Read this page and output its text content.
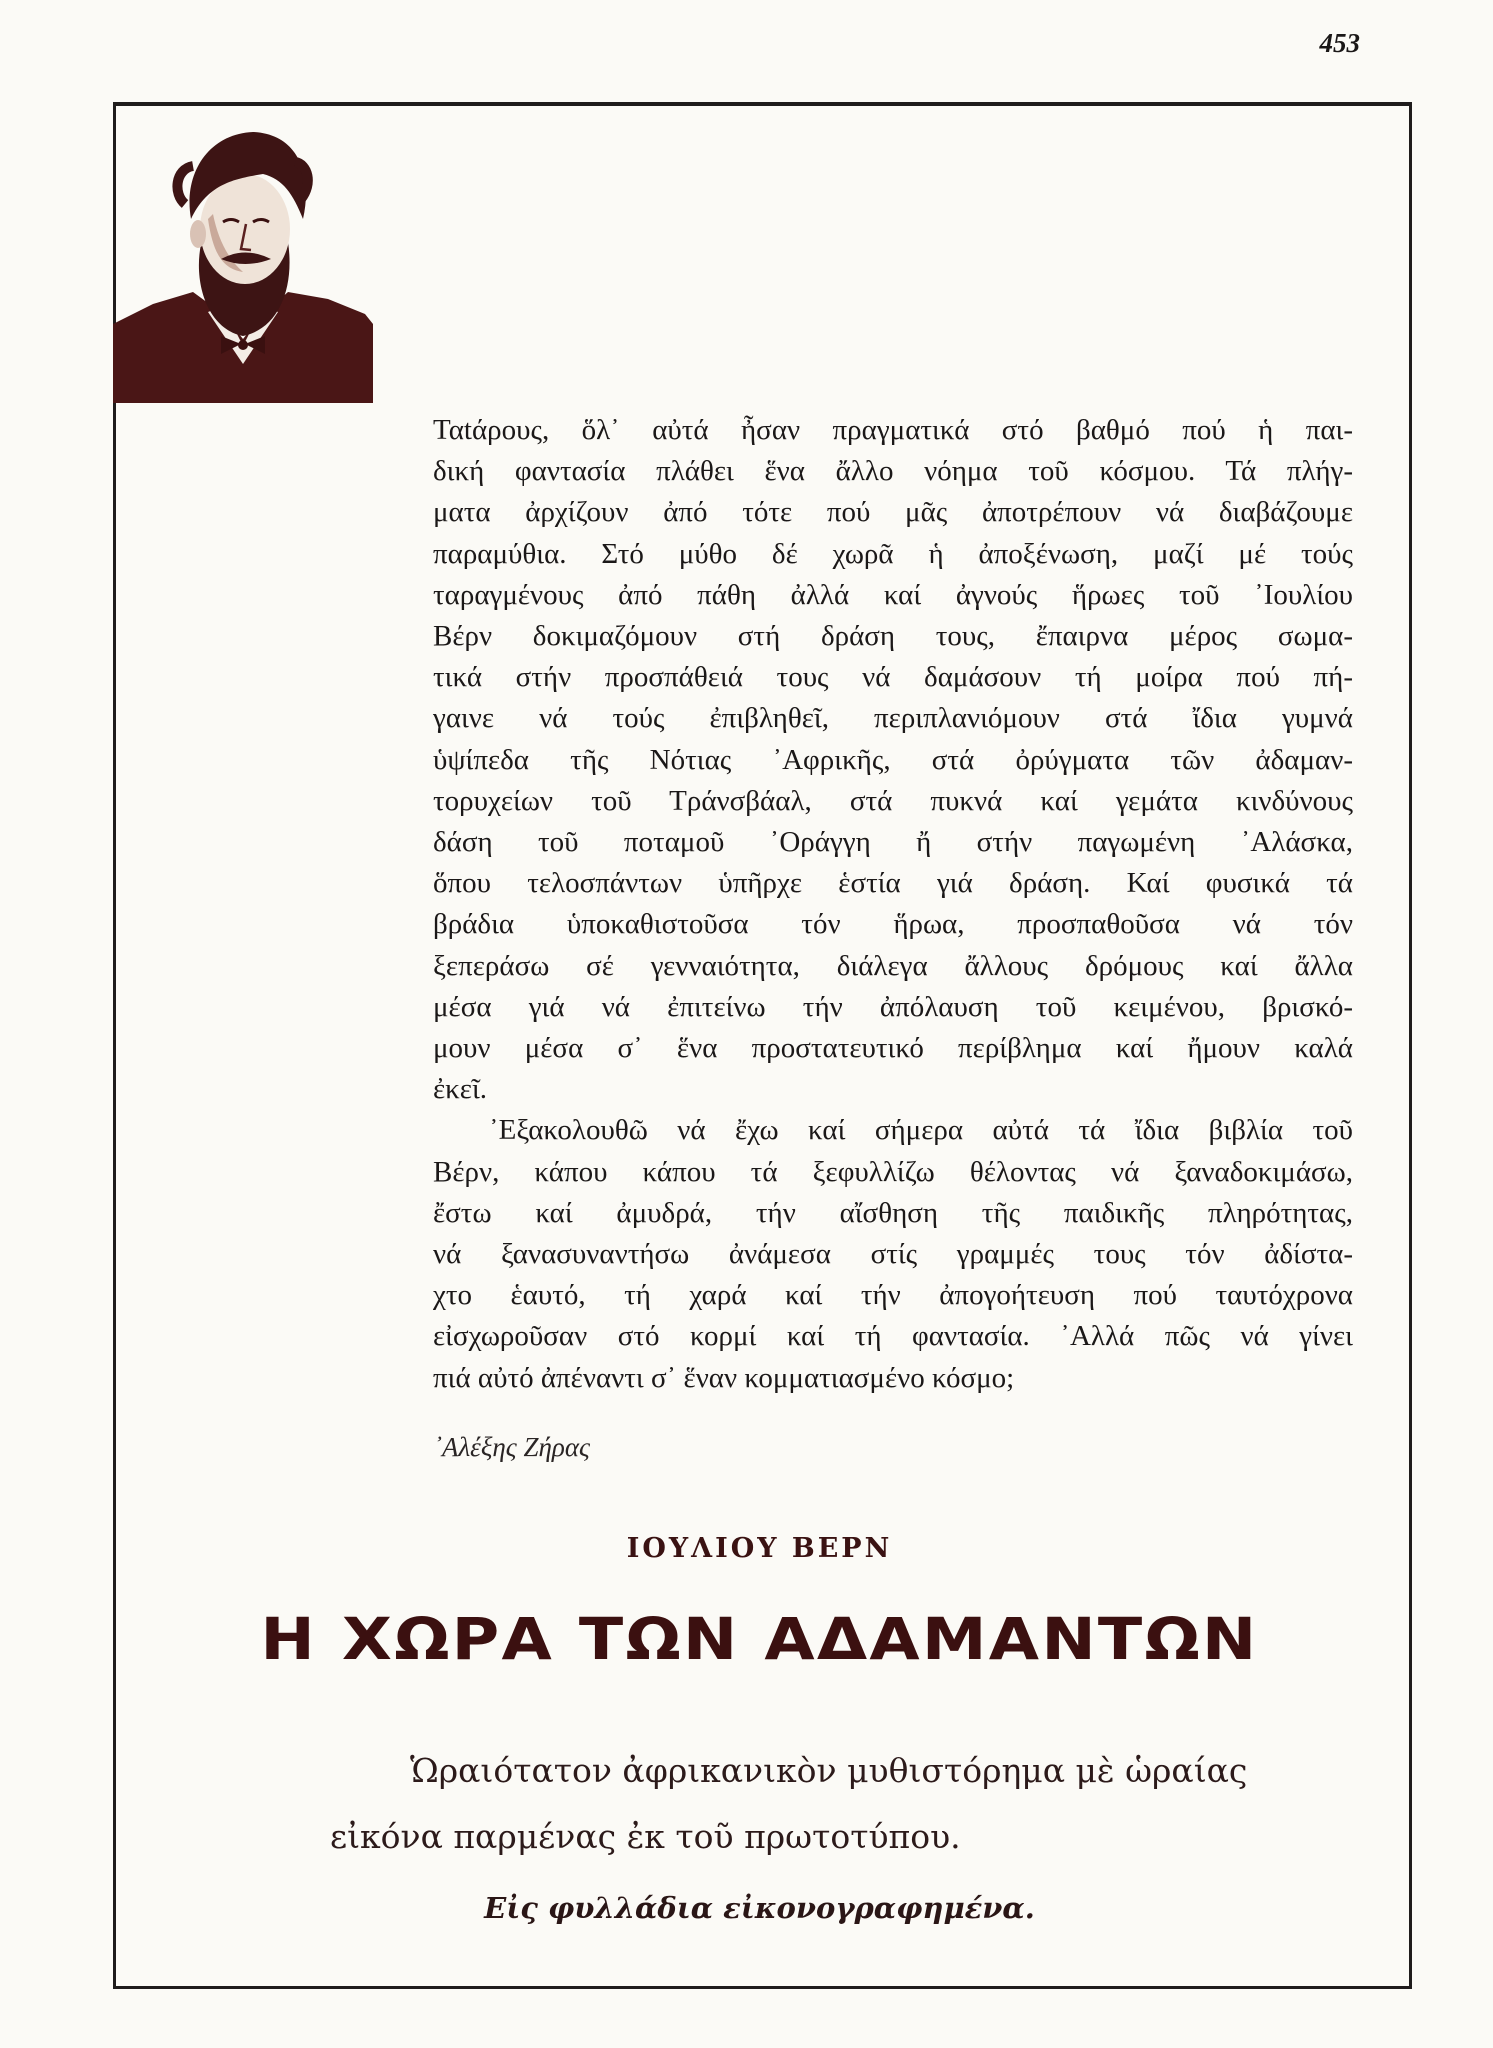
453
Ταtάρους, ὅλ᾽ αὐτά ἦσαν πραγματικά στό βαθμό πού ἡ παι-
δική φαντασία πλάθει ἕνα ἄλλο νόημα τοῦ κόσμου. Τά πλήγ-
ματα ἀρχίζουν ἀπό τότε πού μᾶς ἀποτρέπουν νά διαβάζουμε
παραμύθια. Στό μύθο δέ χωρᾶ ἡ ἀποξένωση, μαζί μέ τούς
ταραγμένους ἀπό πάθη ἀλλά καί ἀγνούς ἥρωες τοῦ ᾽Ιουλίου
Βέρν δοκιμαζόμουν στή δράση τους, ἔπαιρνα μέρος σωμα-
τικά στήν προσπάθειά τους νά δαμάσουν τή μοίρα πού πή-
γαινε νά τούς ἐπιβληθεῖ, περιπλανιόμουν στά ἴδια γυμνά
ὑψίπεδα τῆς Νότιας ᾽Αφρικῆς, στά ὀρύγματα τῶν ἀδαμαν-
τορυχείων τοῦ Τράνσβάαλ, στά πυκνά καί γεμάτα κινδύνους
δάση τοῦ ποταμοῦ ᾽Οράγγη ἤ στήν παγωμένη ᾽Αλάσκα,
ὅπου τελοσπάντων ὑπῆρχε ἑστία γιά δράση. Καί φυσικά τά
βράδια ὑποκαθιστοῦσα τόν ἥρωα, προσπαθοῦσα νά τόν
ξεπεράσω σέ γενναιότητα, διάλεγα ἄλλους δρόμους καί ἄλλα
μέσα γιά νά ἐπιτείνω τήν ἀπόλαυση τοῦ κειμένου, βρισκό-
μουν μέσα σ᾽ ἕνα προστατευτικό περίβλημα καί ἤμουν καλά
ἐκεῖ.
᾽Εξακολουθῶ νά ἔχω καί σήμερα αὐτά τά ἴδια βιβλία τοῦ
Βέρν, κάπου κάπου τά ξεφυλλίζω θέλοντας νά ξαναδοκιμάσω,
ἔστω καί ἀμυδρά, τήν αἴσθηση τῆς παιδικῆς πληρότητας,
νά ξανασυναντήσω ἀνάμεσα στίς γραμμές τους τόν ἀδίστα-
χτο ἑαυτό, τή χαρά καί τήν ἀπογοήτευση πού ταυτόχρονα
εἰσχωροῦσαν στό κορμί καί τή φαντασία. ᾽Αλλά πῶς νά γίνει
πιά αὐτό ἀπέναντι σ᾽ ἕναν κομματιασμένο κόσμο;
᾽Αλέξης Ζήρας
ΙΟΥΛΙΟΥ ΒΕΡΝ
Η ΧΩΡΑ ΤΩΝ ΑΔΑΜΑΝΤΩΝ
Ὡραιότατον ἀφρικανικὸν μυθιστόρημα μὲ ὡραίας
εἰκόνα παρμένας ἐκ τοῦ πρωτοτύπου.
Εἰς φυλλάδια εἰκονογραφημένα.
